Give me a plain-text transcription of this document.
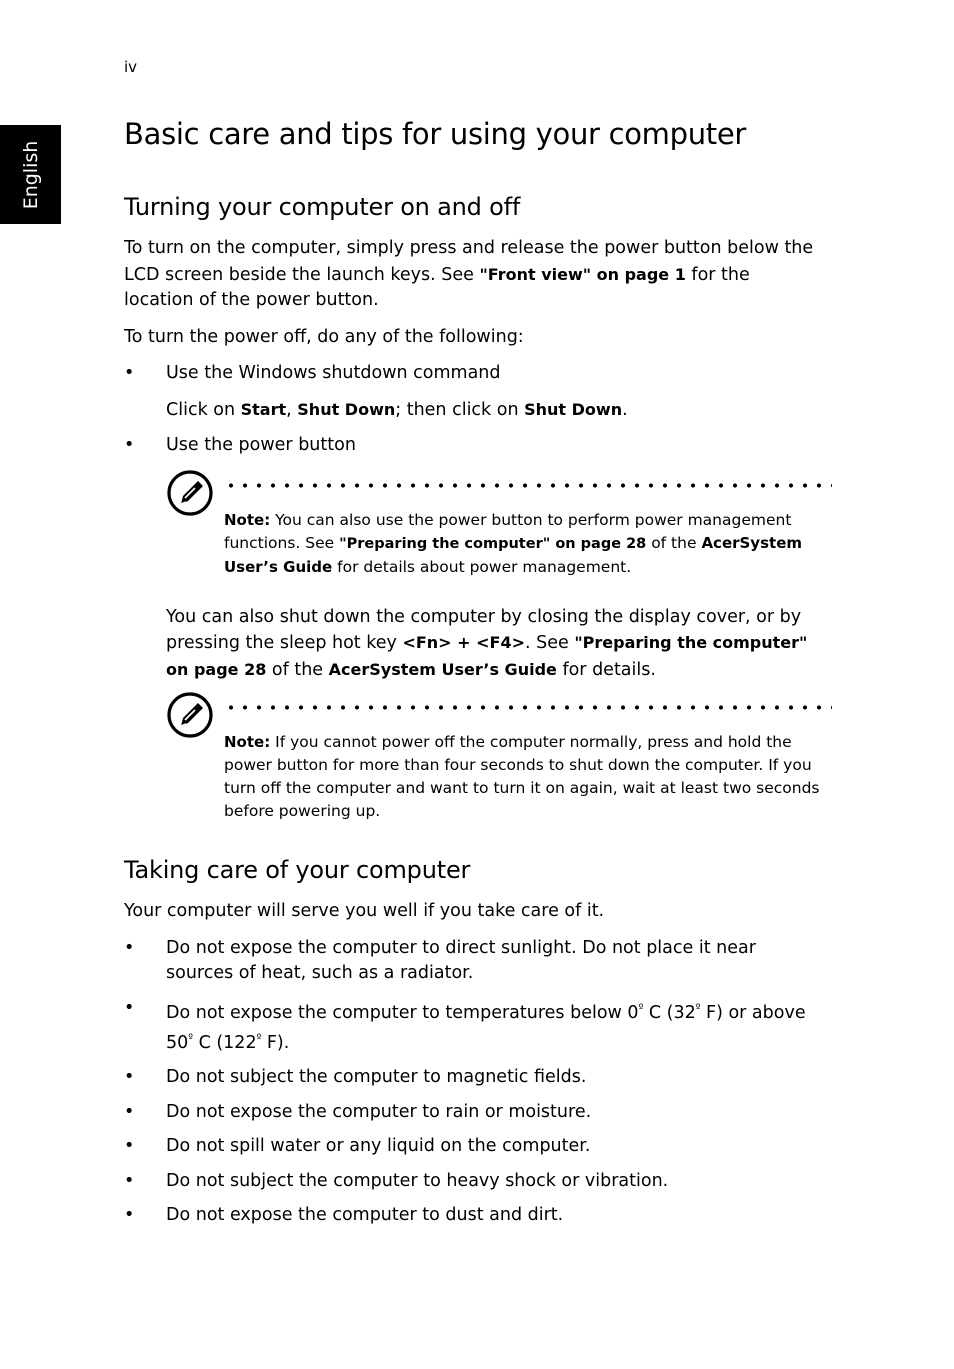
iv
English
Basic care and tips for using your computer
Turning your computer on and off

To turn on the computer, simply press and release the power button below the LCD screen beside the launch keys. See "Front view" on page 1 for the location of the power button.

To turn the power off, do any of the following:

• Use the Windows shutdown command
Click on Start, Shut Down; then click on Shut Down.
• Use the power button
Note: You can also use the power button to perform power management functions. See "Preparing the computer" on page 28 of the AcerSystem User’s Guide for details about power management.
You can also shut down the computer by closing the display cover, or by pressing the sleep hot key <Fn> + <F4>. See "Preparing the computer" on page 28 of the AcerSystem User’s Guide for details.
Note: If you cannot power off the computer normally, press and hold the power button for more than four seconds to shut down the computer. If you turn off the computer and want to turn it on again, wait at least two seconds before powering up.
Taking care of your computer

Your computer will serve you well if you take care of it.

• Do not expose the computer to direct sunlight. Do not place it near sources of heat, such as a radiator.
• Do not expose the computer to temperatures below $0^º$ C ($32^º$ F) or above $50^º$ C ($122^º$ F).
• Do not subject the computer to magnetic fields.
• Do not expose the computer to rain or moisture.
• Do not spill water or any liquid on the computer.
• Do not subject the computer to heavy shock or vibration.
• Do not expose the computer to dust and dirt.
